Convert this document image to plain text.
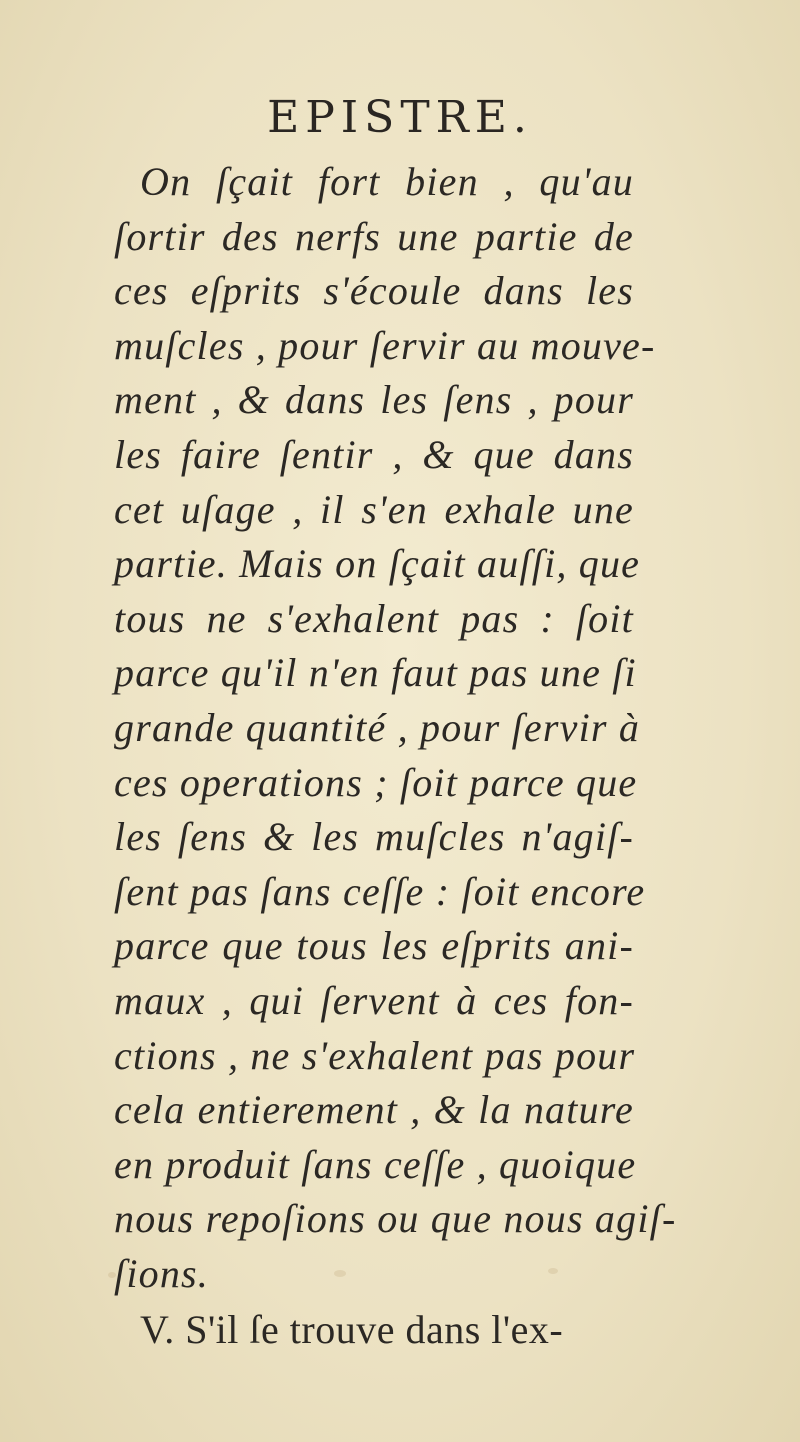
EPISTRE.
On ſçait fort bien , qu'au
ſortir des nerfs une partie de
ces eſprits s'écoule dans les
muſcles , pour ſervir au mouve-
ment , & dans les ſens , pour
les faire ſentir , & que dans
cet uſage , il s'en exhale une
partie. Mais on ſçait auſſi, que
tous ne s'exhalent pas : ſoit
parce qu'il n'en faut pas une ſi
grande quantité , pour ſervir à
ces operations ; ſoit parce que
les ſens & les muſcles n'agiſ-
ſent pas ſans ceſſe : ſoit encore
parce que tous les eſprits ani-
maux , qui ſervent à ces fon-
ctions , ne s'exhalent pas pour
cela entierement , & la nature
en produit ſans ceſſe , quoique
nous repoſions ou que nous agiſ-
ſions.
V. S'il ſe trouve dans l'ex-
